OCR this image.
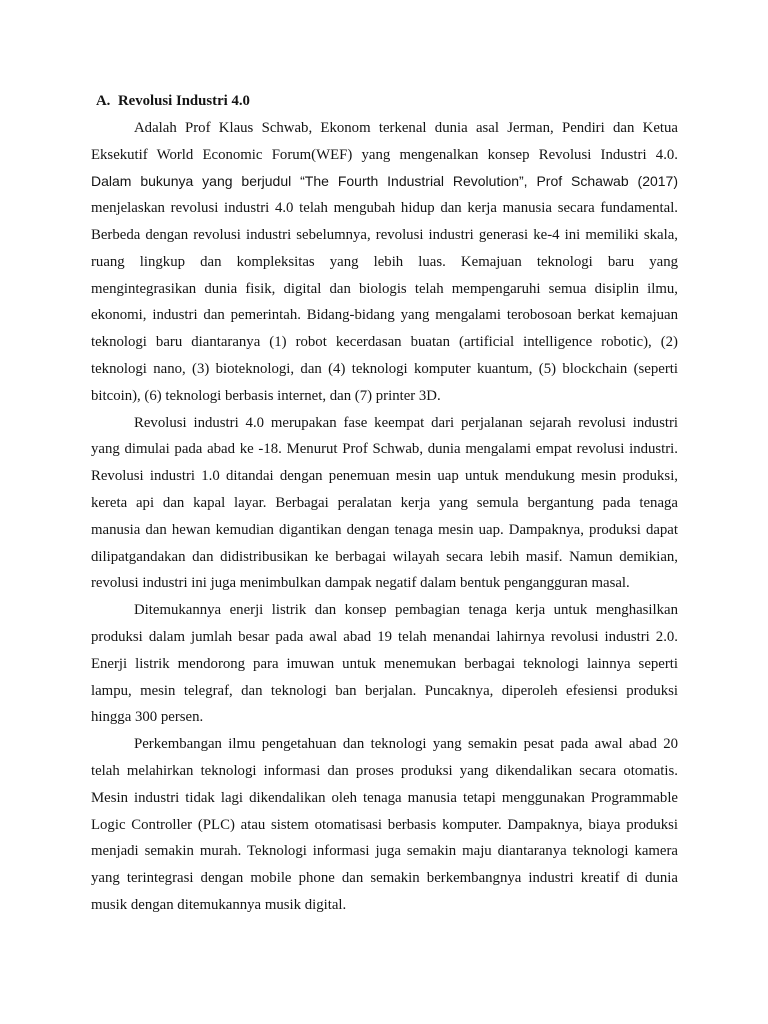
A. Revolusi Industri 4.0
Adalah Prof Klaus Schwab, Ekonom terkenal dunia asal Jerman, Pendiri dan Ketua
Eksekutif World Economic Forum(WEF) yang mengenalkan konsep Revolusi Industri 4.0.
Dalam bukunya yang berjudul “The Fourth Industrial Revolution”, Prof Schawab (2017)
menjelaskan revolusi industri 4.0 telah mengubah hidup dan kerja manusia secara fundamental.
Berbeda dengan revolusi industri sebelumnya, revolusi industri generasi ke-4 ini memiliki skala,
ruang lingkup dan kompleksitas yang lebih luas. Kemajuan teknologi baru yang
mengintegrasikan dunia fisik, digital dan biologis telah mempengaruhi semua disiplin ilmu,
ekonomi, industri dan pemerintah. Bidang-bidang yang mengalami terobosoan berkat kemajuan
teknologi baru diantaranya (1) robot kecerdasan buatan (artificial intelligence robotic), (2)
teknologi nano, (3) bioteknologi, dan (4) teknologi komputer kuantum, (5) blockchain (seperti
bitcoin), (6) teknologi berbasis internet, dan (7) printer 3D.
Revolusi industri 4.0 merupakan fase keempat dari perjalanan sejarah revolusi industri
yang dimulai pada abad ke -18. Menurut Prof Schwab, dunia mengalami empat revolusi industri.
Revolusi industri 1.0 ditandai dengan penemuan mesin uap untuk mendukung mesin produksi,
kereta api dan kapal layar. Berbagai peralatan kerja yang semula bergantung pada tenaga
manusia dan hewan kemudian digantikan dengan tenaga mesin uap. Dampaknya, produksi dapat
dilipatgandakan dan didistribusikan ke berbagai wilayah secara lebih masif. Namun demikian,
revolusi industri ini juga menimbulkan dampak negatif dalam bentuk pengangguran masal.
Ditemukannya enerji listrik dan konsep pembagian tenaga kerja untuk menghasilkan
produksi dalam jumlah besar pada awal abad 19 telah menandai lahirnya revolusi industri 2.0.
Enerji listrik mendorong para imuwan untuk menemukan berbagai teknologi lainnya seperti
lampu, mesin telegraf, dan teknologi ban berjalan. Puncaknya, diperoleh efesiensi produksi
hingga 300 persen.
Perkembangan ilmu pengetahuan dan teknologi yang semakin pesat pada awal abad 20
telah melahirkan teknologi informasi dan proses produksi yang dikendalikan secara otomatis.
Mesin industri tidak lagi dikendalikan oleh tenaga manusia tetapi menggunakan Programmable
Logic Controller (PLC) atau sistem otomatisasi berbasis komputer. Dampaknya, biaya produksi
menjadi semakin murah. Teknologi informasi juga semakin maju diantaranya teknologi kamera
yang terintegrasi dengan mobile phone dan semakin berkembangnya industri kreatif di dunia
musik dengan ditemukannya musik digital.
